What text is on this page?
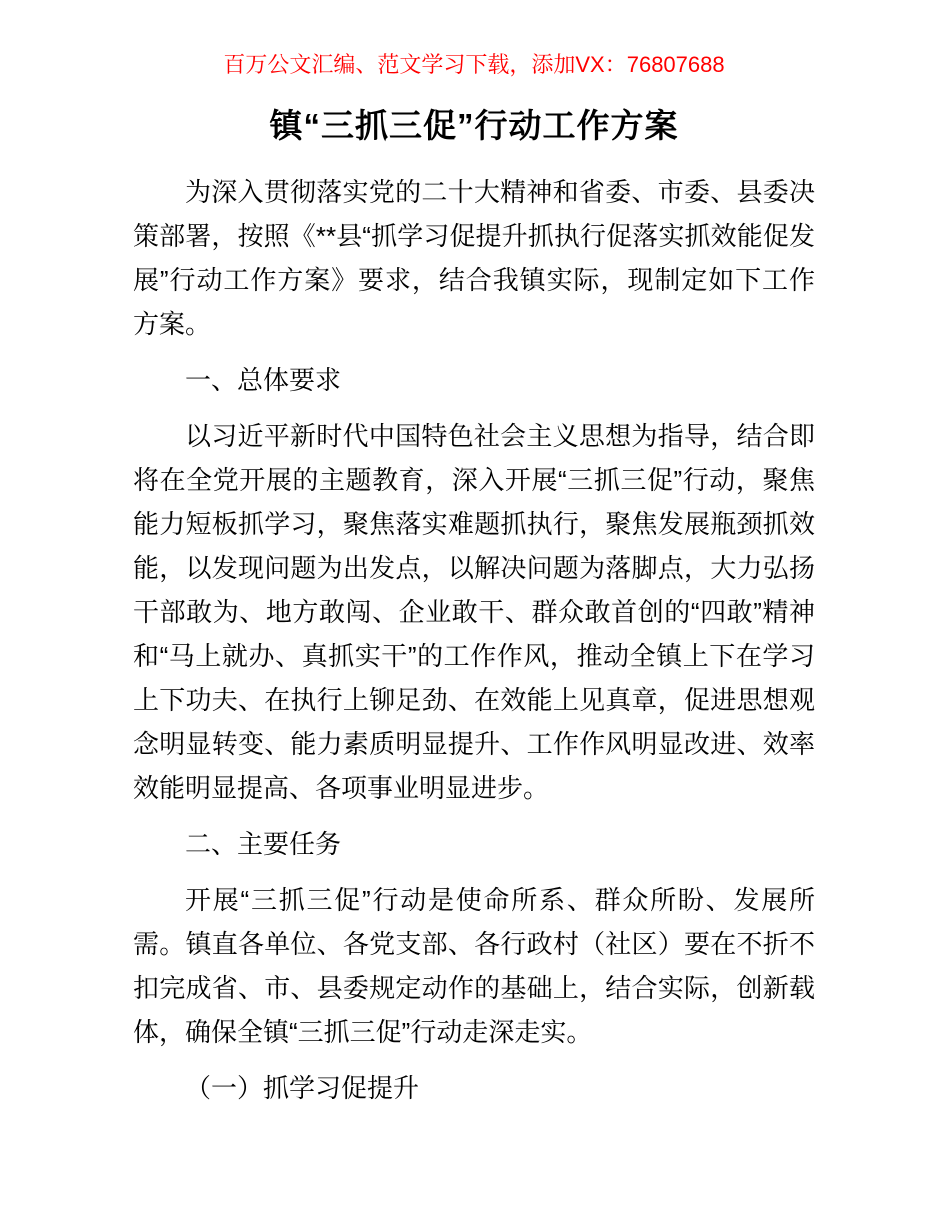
百万公文汇编、范文学习下载，添加VX：76807688
镇“三抓三促”行动工作方案

为深入贯彻落实党的二十大精神和省委、市委、县委决策部署，按照《**县“抓学习促提升抓执行促落实抓效能促发展”行动工作方案》要求，结合我镇实际，现制定如下工作方案。

一、总体要求

以习近平新时代中国特色社会主义思想为指导，结合即将在全党开展的主题教育，深入开展“三抓三促”行动，聚焦能力短板抓学习，聚焦落实难题抓执行，聚焦发展瓶颈抓效能，以发现问题为出发点，以解决问题为落脚点，大力弘扬干部敢为、地方敢闯、企业敢干、群众敢首创的“四敢”精神和“马上就办、真抓实干”的工作作风，推动全镇上下在学习上下功夫、在执行上铆足劲、在效能上见真章，促进思想观念明显转变、能力素质明显提升、工作作风明显改进、效率效能明显提高、各项事业明显进步。

二、主要任务

开展“三抓三促”行动是使命所系、群众所盼、发展所需。镇直各单位、各党支部、各行政村（社区）要在不折不扣完成省、市、县委规定动作的基础上，结合实际，创新载体，确保全镇“三抓三促”行动走深走实。

（一）抓学习促提升
